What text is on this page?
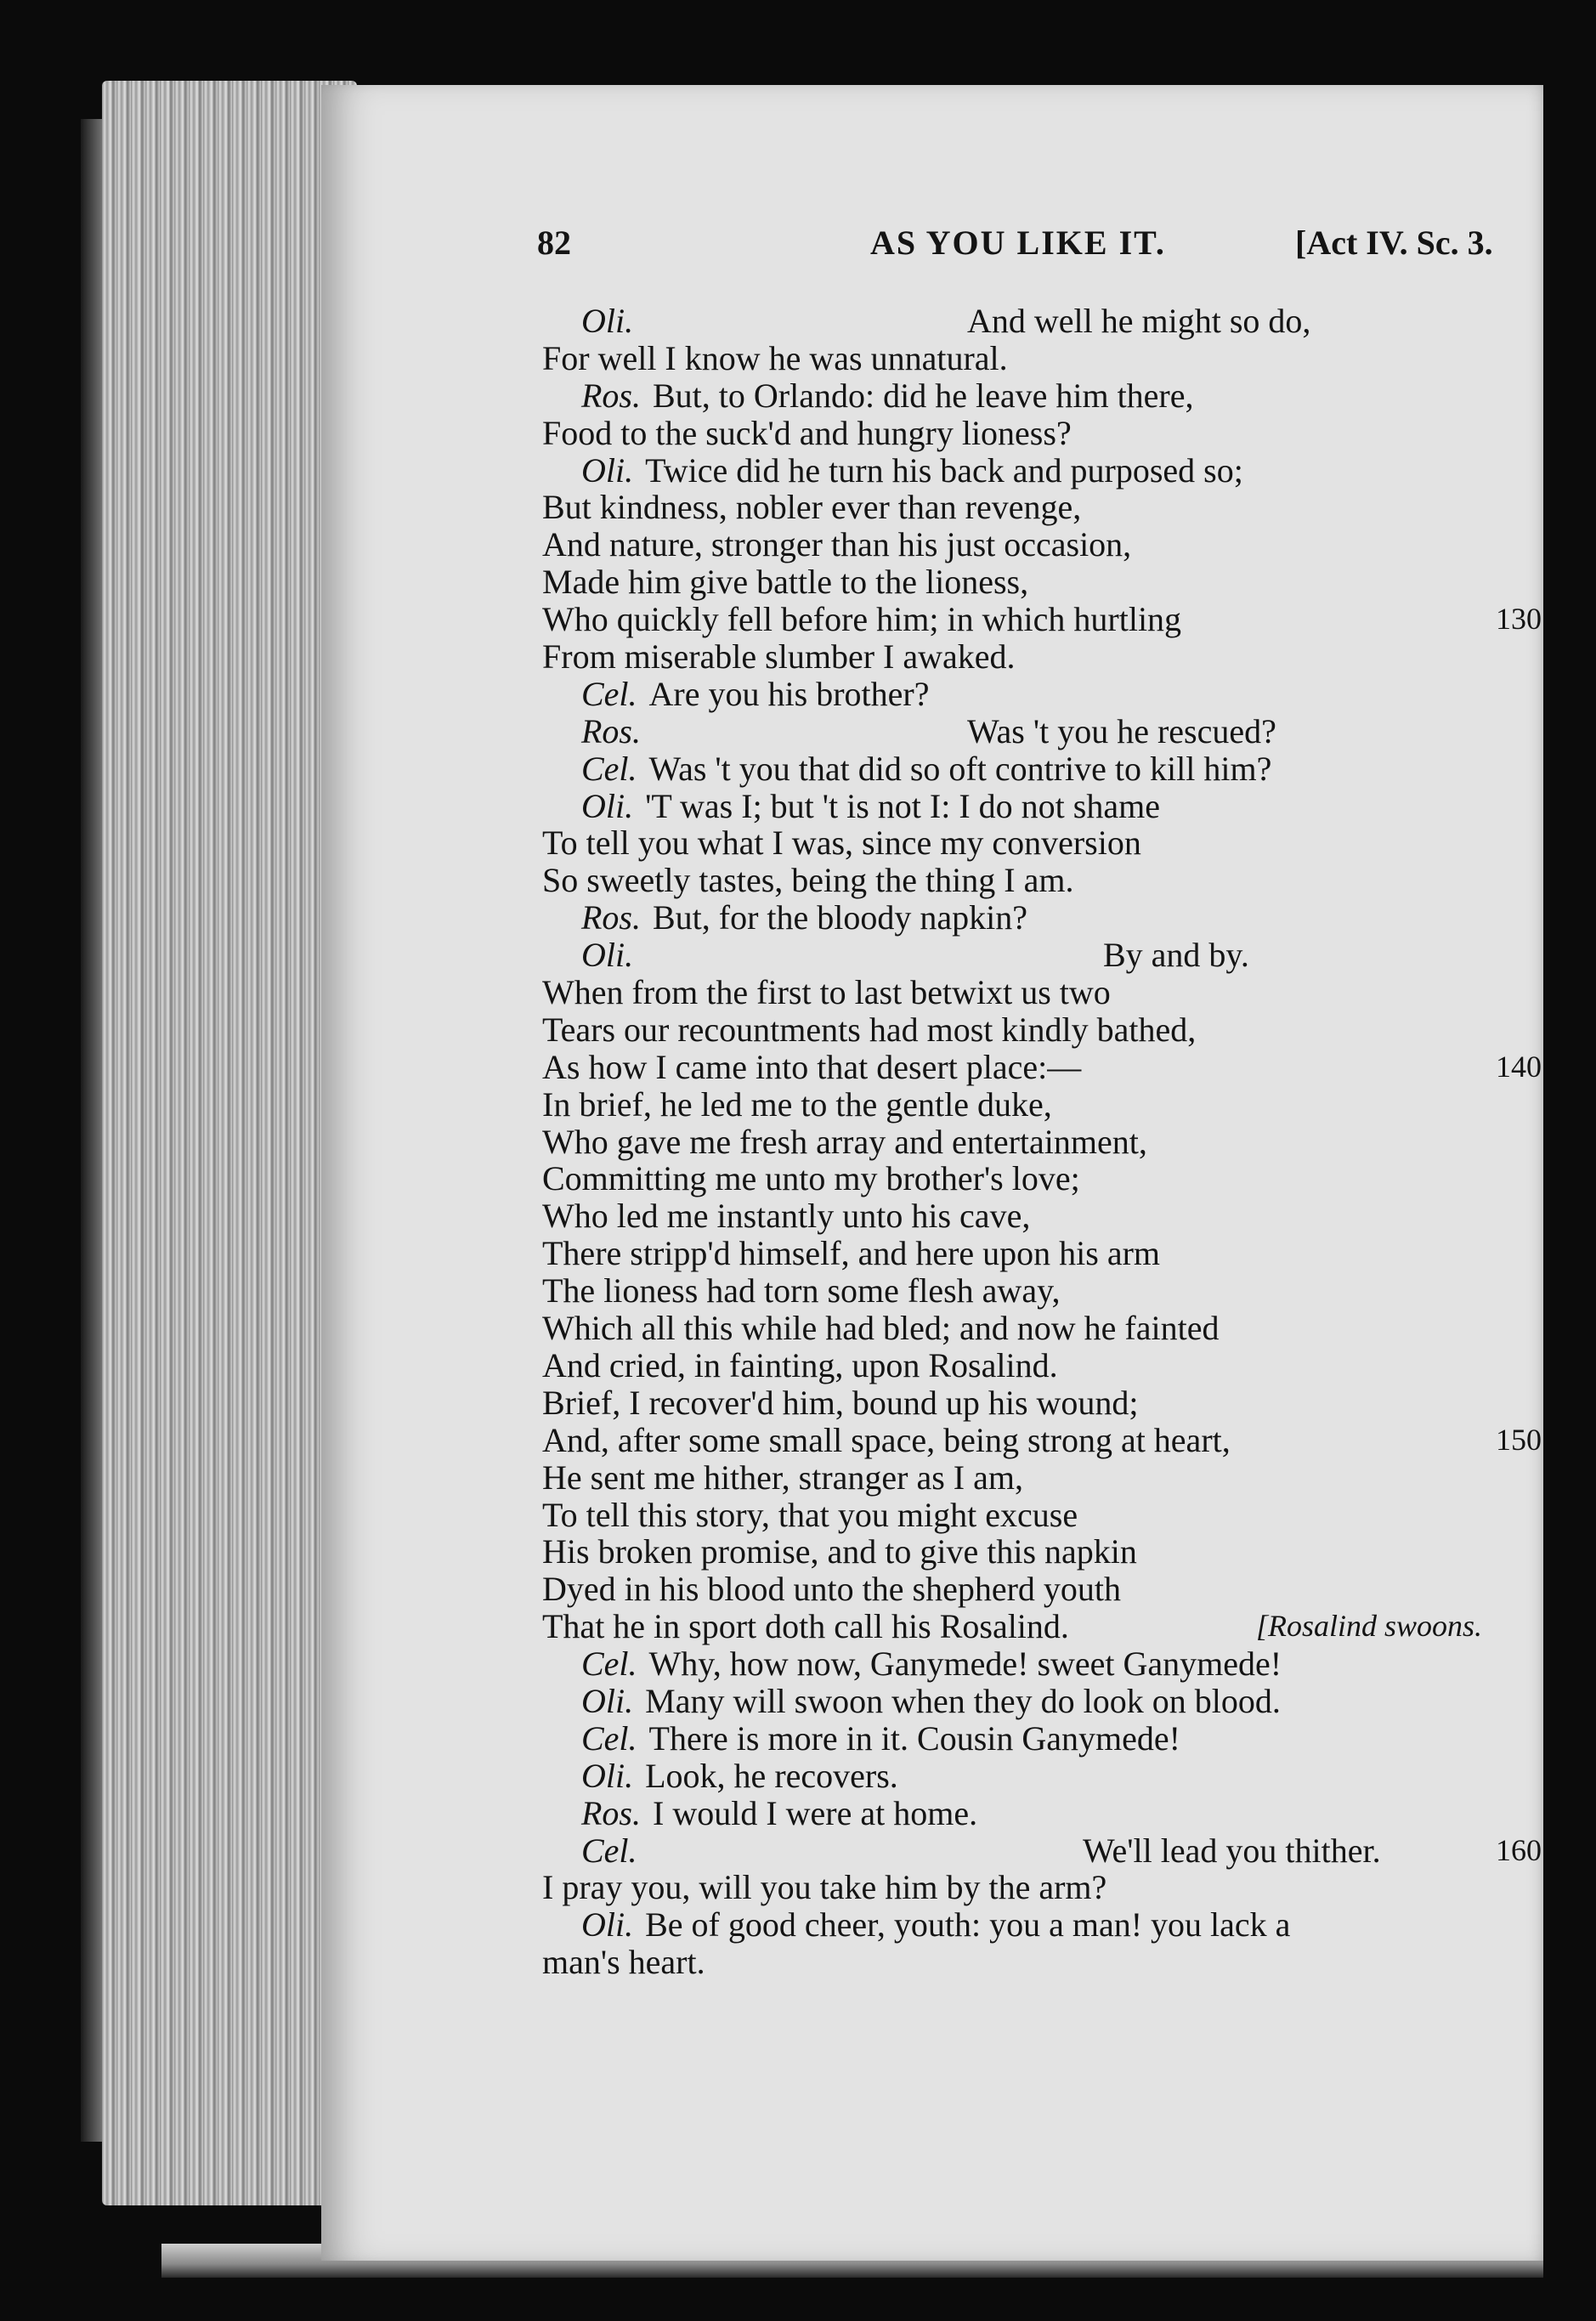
82	AS YOU LIKE IT.	[Act IV. Sc. 3.
Oli.	And well he might so do,
For well I know he was unnatural.
Ros. But, to Orlando: did he leave him there,
Food to the suck'd and hungry lioness?
Oli. Twice did he turn his back and purposed so;
But kindness, nobler ever than revenge,
And nature, stronger than his just occasion,
Made him give battle to the lioness,
Who quickly fell before him; in which hurtling	130
From miserable slumber I awaked.
Cel. Are you his brother?
Ros.	Was 't you he rescued?
Cel. Was 't you that did so oft contrive to kill him?
Oli. 'T was I; but 't is not I: I do not shame
To tell you what I was, since my conversion
So sweetly tastes, being the thing I am.
Ros. But, for the bloody napkin?
Oli.	By and by.
When from the first to last betwixt us two
Tears our recountments had most kindly bathed,
As how I came into that desert place:—	140
In brief, he led me to the gentle duke,
Who gave me fresh array and entertainment,
Committing me unto my brother's love;
Who led me instantly unto his cave,
There stripp'd himself, and here upon his arm
The lioness had torn some flesh away,
Which all this while had bled; and now he fainted
And cried, in fainting, upon Rosalind.
Brief, I recover'd him, bound up his wound;
And, after some small space, being strong at heart,	150
He sent me hither, stranger as I am,
To tell this story, that you might excuse
His broken promise, and to give this napkin
Dyed in his blood unto the shepherd youth
That he in sport doth call his Rosalind.	[Rosalind swoons.
Cel. Why, how now, Ganymede! sweet Ganymede!
Oli. Many will swoon when they do look on blood.
Cel. There is more in it. Cousin Ganymede!
Oli. Look, he recovers.
Ros. I would I were at home.
Cel.	We'll lead you thither.	160
I pray you, will you take him by the arm?
Oli. Be of good cheer, youth: you a man! you lack a
man's heart.
